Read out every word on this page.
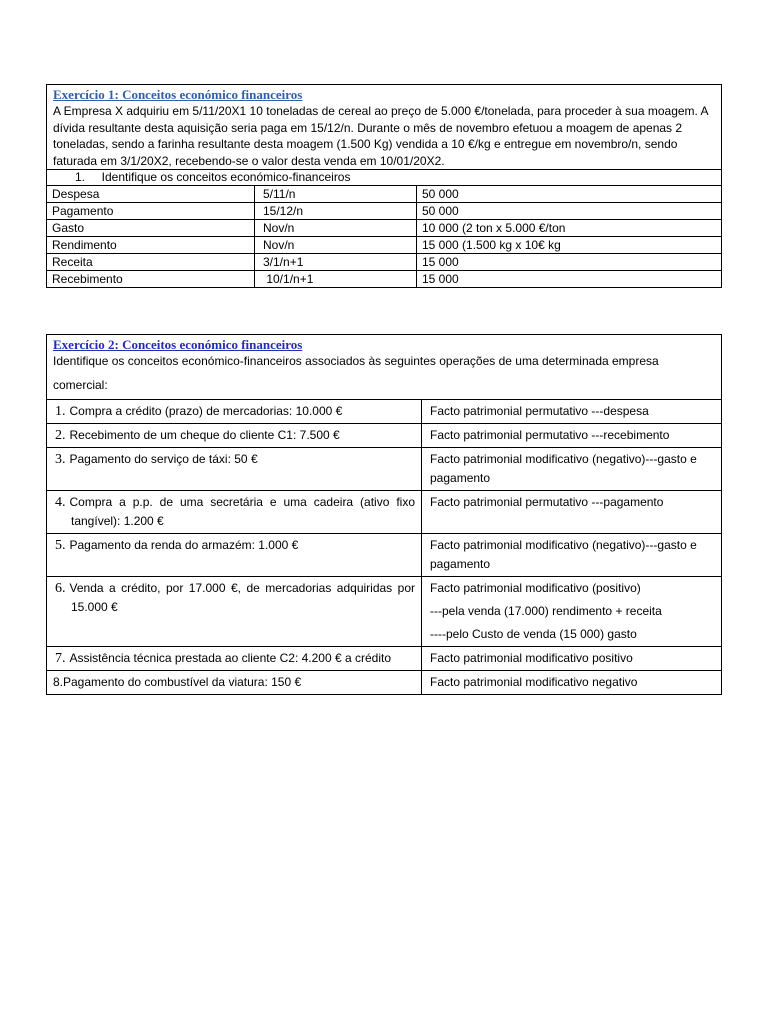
Exercício 1: Conceitos económico financeiros
A Empresa X adquiriu em 5/11/20X1 10 toneladas de cereal ao preço de 5.000 €/tonelada, para proceder à sua moagem. A dívida resultante desta aquisição seria paga em 15/12/n. Durante o mês de novembro efetuou a moagem de apenas 2 toneladas, sendo a farinha resultante desta moagem (1.500 Kg) vendida a 10 €/kg e entregue em novembro/n, sendo faturada em 3/1/20X2, recebendo-se o valor desta venda em 10/01/20X2.		

1.     Identifique os conceitos económico-financeiros		
Despesa	5/11/n	50 000
Pagamento	15/12/n	50 000
Gasto	Nov/n	10 000 (2 ton x 5.000 €/ton
Rendimento	Nov/n	15 000 (1.500 kg x 10€ kg
Receita	3/1/n+1	15 000
Recebimento	10/1/n+1	15 000
Exercício 2: Conceitos económico financeiros
Identifique os conceitos económico-financeiros associados às seguintes operações de uma determinada empresa comercial:	

1. Compra a crédito (prazo) de mercadorias: 10.000 €	Facto patrimonial permutativo ---despesa
2. Recebimento de um cheque do cliente C1: 7.500 €	Facto patrimonial permutativo ---recebimento
3. Pagamento do serviço de táxi: 50 €	Facto patrimonial modificativo (negativo)---gasto e pagamento
4. Compra a p.p. de uma secretária e uma cadeira (ativo fixo tangível): 1.200 €	Facto patrimonial permutativo ---pagamento
5. Pagamento da renda do armazém: 1.000 €	Facto patrimonial modificativo (negativo)---gasto e pagamento
6. Venda a crédito, por 17.000 €, de mercadorias adquiridas por 15.000 €	Facto patrimonial modificativo (positivo)
---pela venda (17.000) rendimento + receita
----pelo Custo de venda (15 000) gasto

7. Assistência técnica prestada ao cliente C2: 4.200 € a crédito	Facto patrimonial modificativo positivo
8.Pagamento do combustível da viatura: 150 €	Facto patrimonial modificativo negativo
